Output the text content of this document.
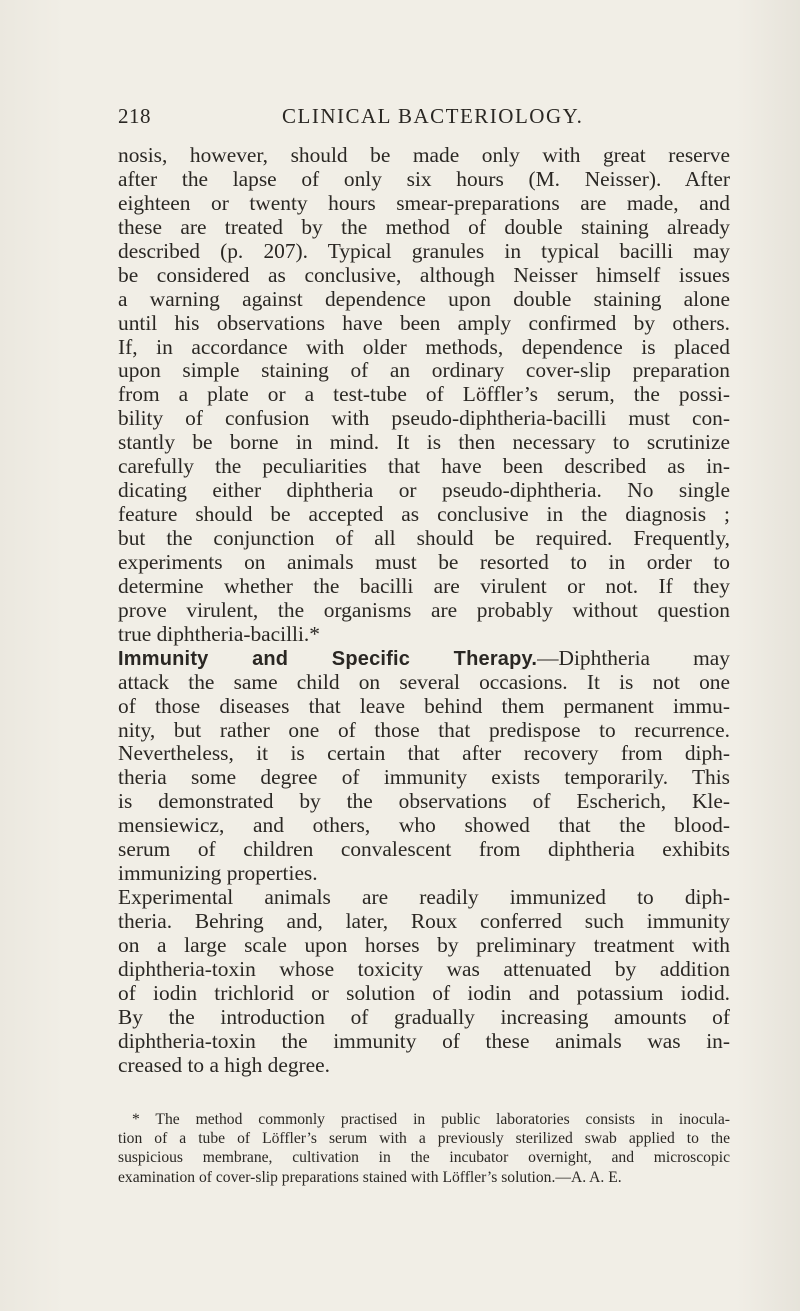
218	CLINICAL BACTERIOLOGY.
nosis, however, should be made only with great reserve
after the lapse of only six hours (M. Neisser). After
eighteen or twenty hours smear-preparations are made, and
these are treated by the method of double staining already
described (p. 207). Typical granules in typical bacilli may
be considered as conclusive, although Neisser himself issues
a warning against dependence upon double staining alone
until his observations have been amply confirmed by others.
If, in accordance with older methods, dependence is placed
upon simple staining of an ordinary cover-slip preparation
from a plate or a test-tube of Löffler’s serum, the possi-
bility of confusion with pseudo-diphtheria-bacilli must con-
stantly be borne in mind. It is then necessary to scrutinize
carefully the peculiarities that have been described as in-
dicating either diphtheria or pseudo-diphtheria. No single
feature should be accepted as conclusive in the diagnosis ;
but the conjunction of all should be required. Frequently,
experiments on animals must be resorted to in order to
determine whether the bacilli are virulent or not. If they
prove virulent, the organisms are probably without question
true diphtheria-bacilli.*
Immunity and Specific Therapy.—Diphtheria may
attack the same child on several occasions. It is not one
of those diseases that leave behind them permanent immu-
nity, but rather one of those that predispose to recurrence.
Nevertheless, it is certain that after recovery from diph-
theria some degree of immunity exists temporarily. This
is demonstrated by the observations of Escherich, Kle-
mensiewicz, and others, who showed that the blood-
serum of children convalescent from diphtheria exhibits
immunizing properties.
Experimental animals are readily immunized to diph-
theria. Behring and, later, Roux conferred such immunity
on a large scale upon horses by preliminary treatment with
diphtheria-toxin whose toxicity was attenuated by addition
of iodin trichlorid or solution of iodin and potassium iodid.
By the introduction of gradually increasing amounts of
diphtheria-toxin the immunity of these animals was in-
creased to a high degree.
* The method commonly practised in public laboratories consists in inocula-
tion of a tube of Löffler’s serum with a previously sterilized swab applied to the
suspicious membrane, cultivation in the incubator overnight, and microscopic
examination of cover-slip preparations stained with Löffler’s solution.—A. A. E.
